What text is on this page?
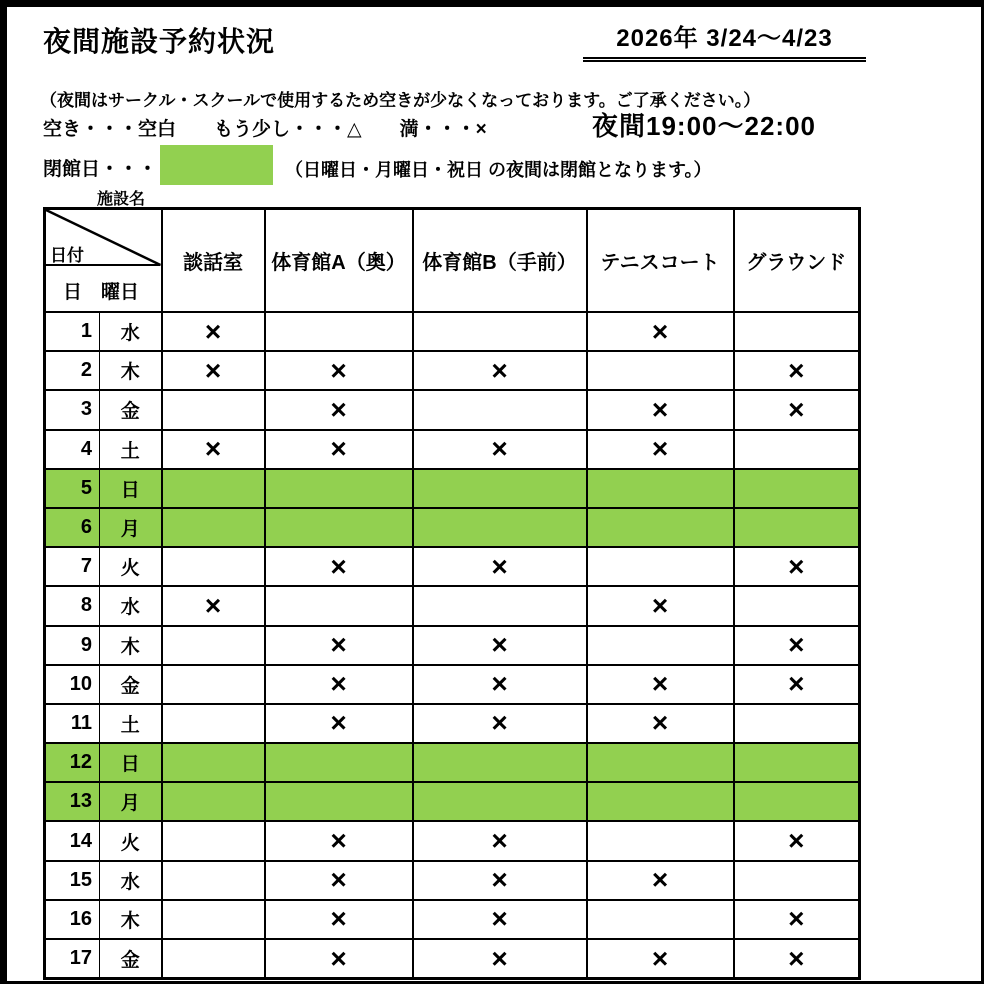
夜間施設予約状況	2026年 3/24～4/23
（夜間はサークル・スクールで使用するため空きが少なくなっております。ご了承ください。）
空き・・・空白　　もう少し・・・△　　満・・・×	夜間19:00～22:00
閉館日・・・	（日曜日・月曜日・祝日 の夜間は閉館となります。）
施設名
日付
日 曜日		談話室	体育館A（奥）	体育館B（手前）	テニスコート	グラウンド
1	水	×			×	
2	木	×	×	×		×
3	金		×		×	×
4	土	×	×	×	×	
5	日					
6	月					
7	火		×	×		×
8	水	×			×	
9	木		×	×		×
10	金		×	×	×	×
11	土		×	×	×	
12	日					
13	月					
14	火		×	×		×
15	水		×	×	×	
16	木		×	×		×
17	金		×	×	×	×
